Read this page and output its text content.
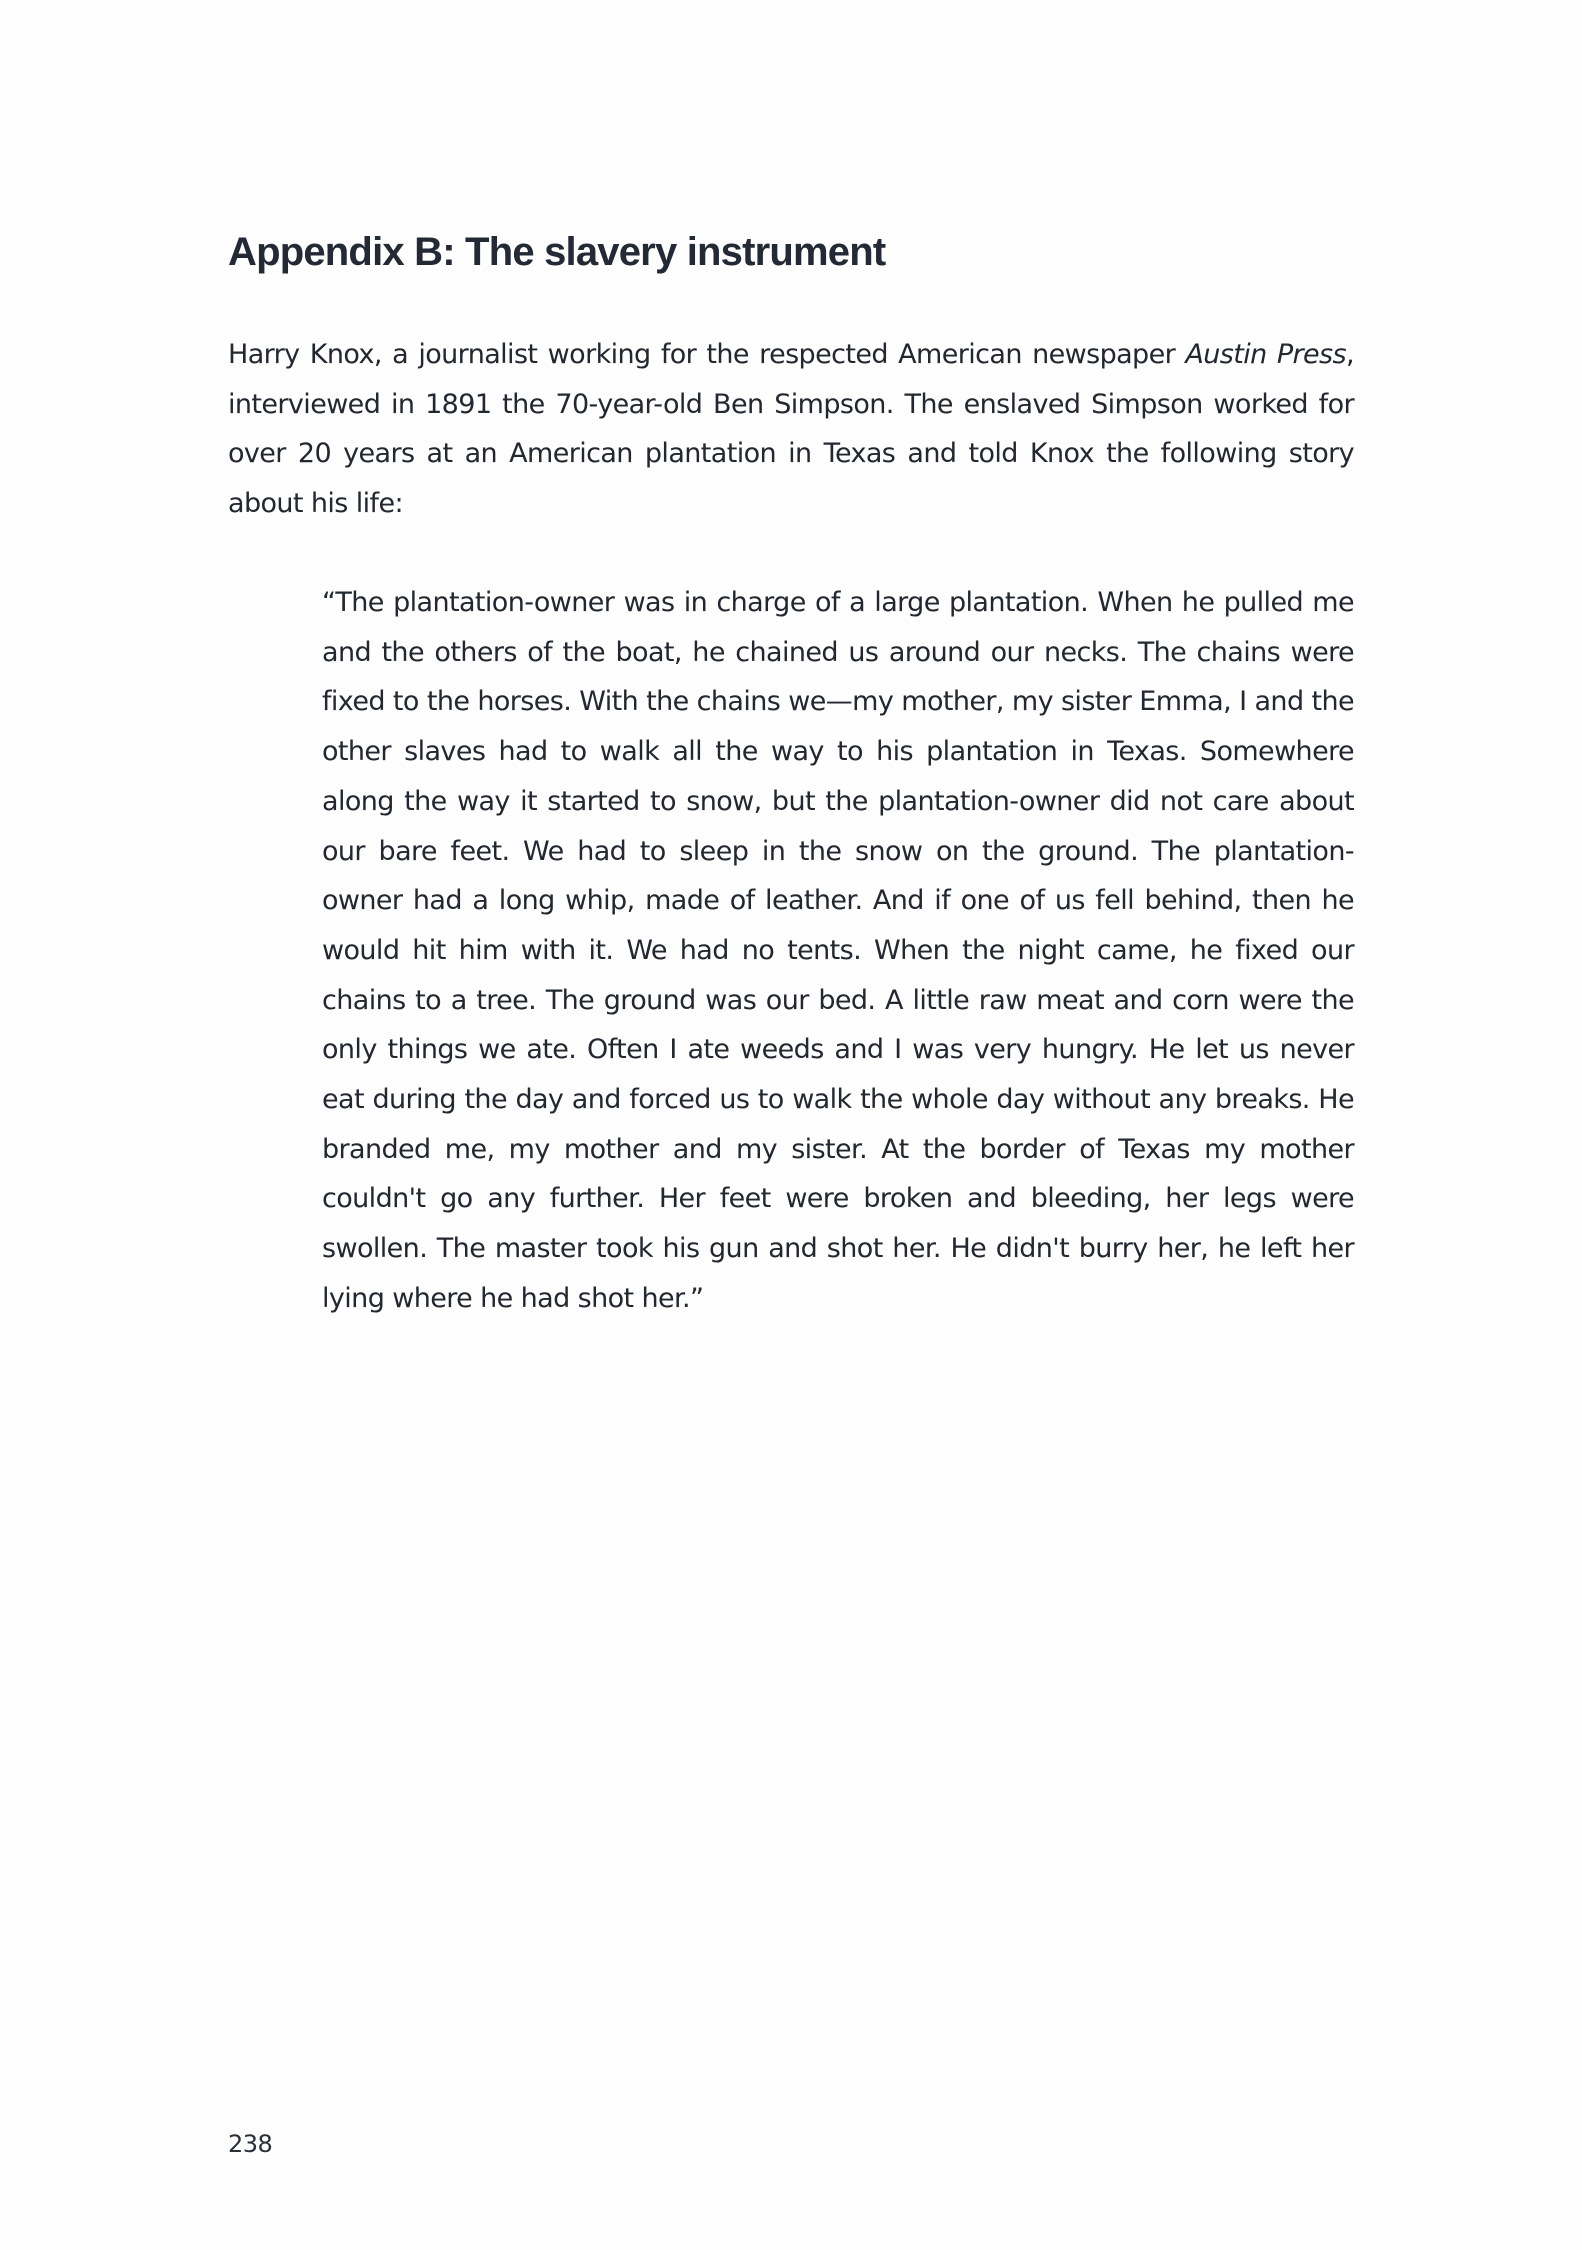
Appendix B: The slavery instrument

Harry Knox, a journalist working for the respected American newspaper Austin Press, interviewed in 1891 the 70-year-old Ben Simpson. The enslaved Simpson worked for over 20 years at an American plantation in Texas and told Knox the following story about his life:

“The plantation-owner was in charge of a large plantation. When he pulled me and the others of the boat, he chained us around our necks. The chains were fixed to the horses. With the chains we—my mother, my sister Emma, I and the other slaves had to walk all the way to his plantation in Texas. Somewhere along the way it started to snow, but the plantation-owner did not care about our bare feet. We had to sleep in the snow on the ground. The plantation-owner had a long whip, made of leather. And if one of us fell behind, then he would hit him with it. We had no tents. When the night came, he fixed our chains to a tree. The ground was our bed. A little raw meat and corn were the only things we ate. Often I ate weeds and I was very hungry. He let us never eat during the day and forced us to walk the whole day without any breaks. He branded me, my mother and my sister. At the border of Texas my mother couldn't go any further. Her feet were broken and bleeding, her legs were swollen. The master took his gun and shot her. He didn't burry her, he left her lying where he had shot her.”
238
